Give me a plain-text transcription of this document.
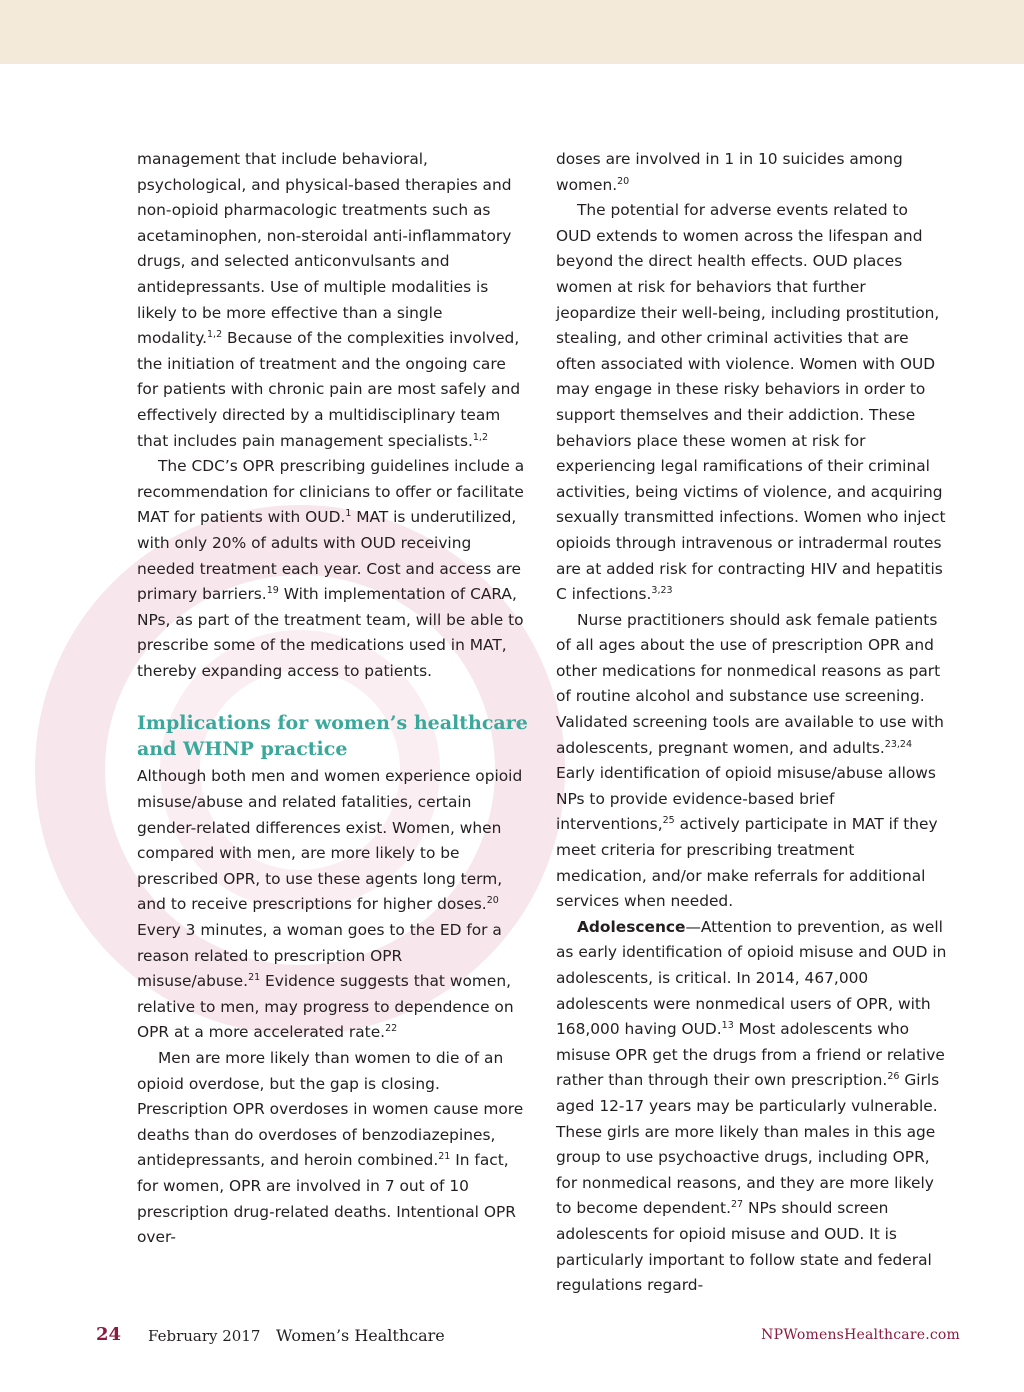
management that include behavioral, psychological, and physical-based therapies and non-opioid pharmacologic treatments such as acetaminophen, non-steroidal anti-inflammatory drugs, and selected anticonvulsants and antidepressants. Use of multiple modalities is likely to be more effective than a single modality.$^{1,2}$ Because of the complexities involved, the initiation of treatment and the ongoing care for patients with chronic pain are most safely and effectively directed by a multidisciplinary team that includes pain management specialists.$^{1,2}$

The CDC’s OPR prescribing guidelines include a recommendation for clinicians to offer or facilitate MAT for patients with OUD.$^1$ MAT is underutilized, with only 20% of adults with OUD receiving needed treatment each year. Cost and access are primary barriers.$^{19}$ With implementation of CARA, NPs, as part of the treatment team, will be able to prescribe some of the medications used in MAT, thereby expanding access to patients.

Implications for women’s healthcare and WHNP practice

Although both men and women experience opioid misuse/abuse and related fatalities, certain gender-related differences exist. Women, when compared with men, are more likely to be prescribed OPR, to use these agents long term, and to receive prescriptions for higher doses.$^{20}$ Every 3 minutes, a woman goes to the ED for a reason related to prescription OPR misuse/abuse.$^{21}$ Evidence suggests that women, relative to men, may progress to dependence on OPR at a more accelerated rate.$^{22}$

Men are more likely than women to die of an opioid overdose, but the gap is closing. Prescription OPR overdoses in women cause more deaths than do overdoses of benzodiazepines, antidepressants, and heroin combined.$^{21}$ In fact, for women, OPR are involved in 7 out of 10 prescription drug-related deaths. Intentional OPR over-

doses are involved in 1 in 10 suicides among women.$^{20}$

The potential for adverse events related to OUD extends to women across the lifespan and beyond the direct health effects. OUD places women at risk for behaviors that further jeopardize their well-being, including prostitution, stealing, and other criminal activities that are often associated with violence. Women with OUD may engage in these risky behaviors in order to support themselves and their addiction. These behaviors place these women at risk for experiencing legal ramifications of their criminal activities, being victims of violence, and acquiring sexually transmitted infections. Women who inject opioids through intravenous or intradermal routes are at added risk for contracting HIV and hepatitis C infections.$^{3,23}$

Nurse practitioners should ask female patients of all ages about the use of prescription OPR and other medications for nonmedical reasons as part of routine alcohol and substance use screening. Validated screening tools are available to use with adolescents, pregnant women, and adults.$^{23,24}$ Early identification of opioid misuse/abuse allows NPs to provide evidence-based brief interventions,$^{25}$ actively participate in MAT if they meet criteria for prescribing treatment medication, and/or make referrals for additional services when needed.

Adolescence—Attention to prevention, as well as early identification of opioid misuse and OUD in adolescents, is critical. In 2014, 467,000 adolescents were nonmedical users of OPR, with 168,000 having OUD.$^{13}$ Most adolescents who misuse OPR get the drugs from a friend or relative rather than through their own prescription.$^{26}$ Girls aged 12-17 years may be particularly vulnerable. These girls are more likely than males in this age group to use psychoactive drugs, including OPR, for nonmedical reasons, and they are more likely to become dependent.$^{27}$ NPs should screen adolescents for opioid misuse and OUD. It is particularly important to follow state and federal regulations regard-

24 February 2017 Women’s Healthcare	NPWomensHealthcare.com
